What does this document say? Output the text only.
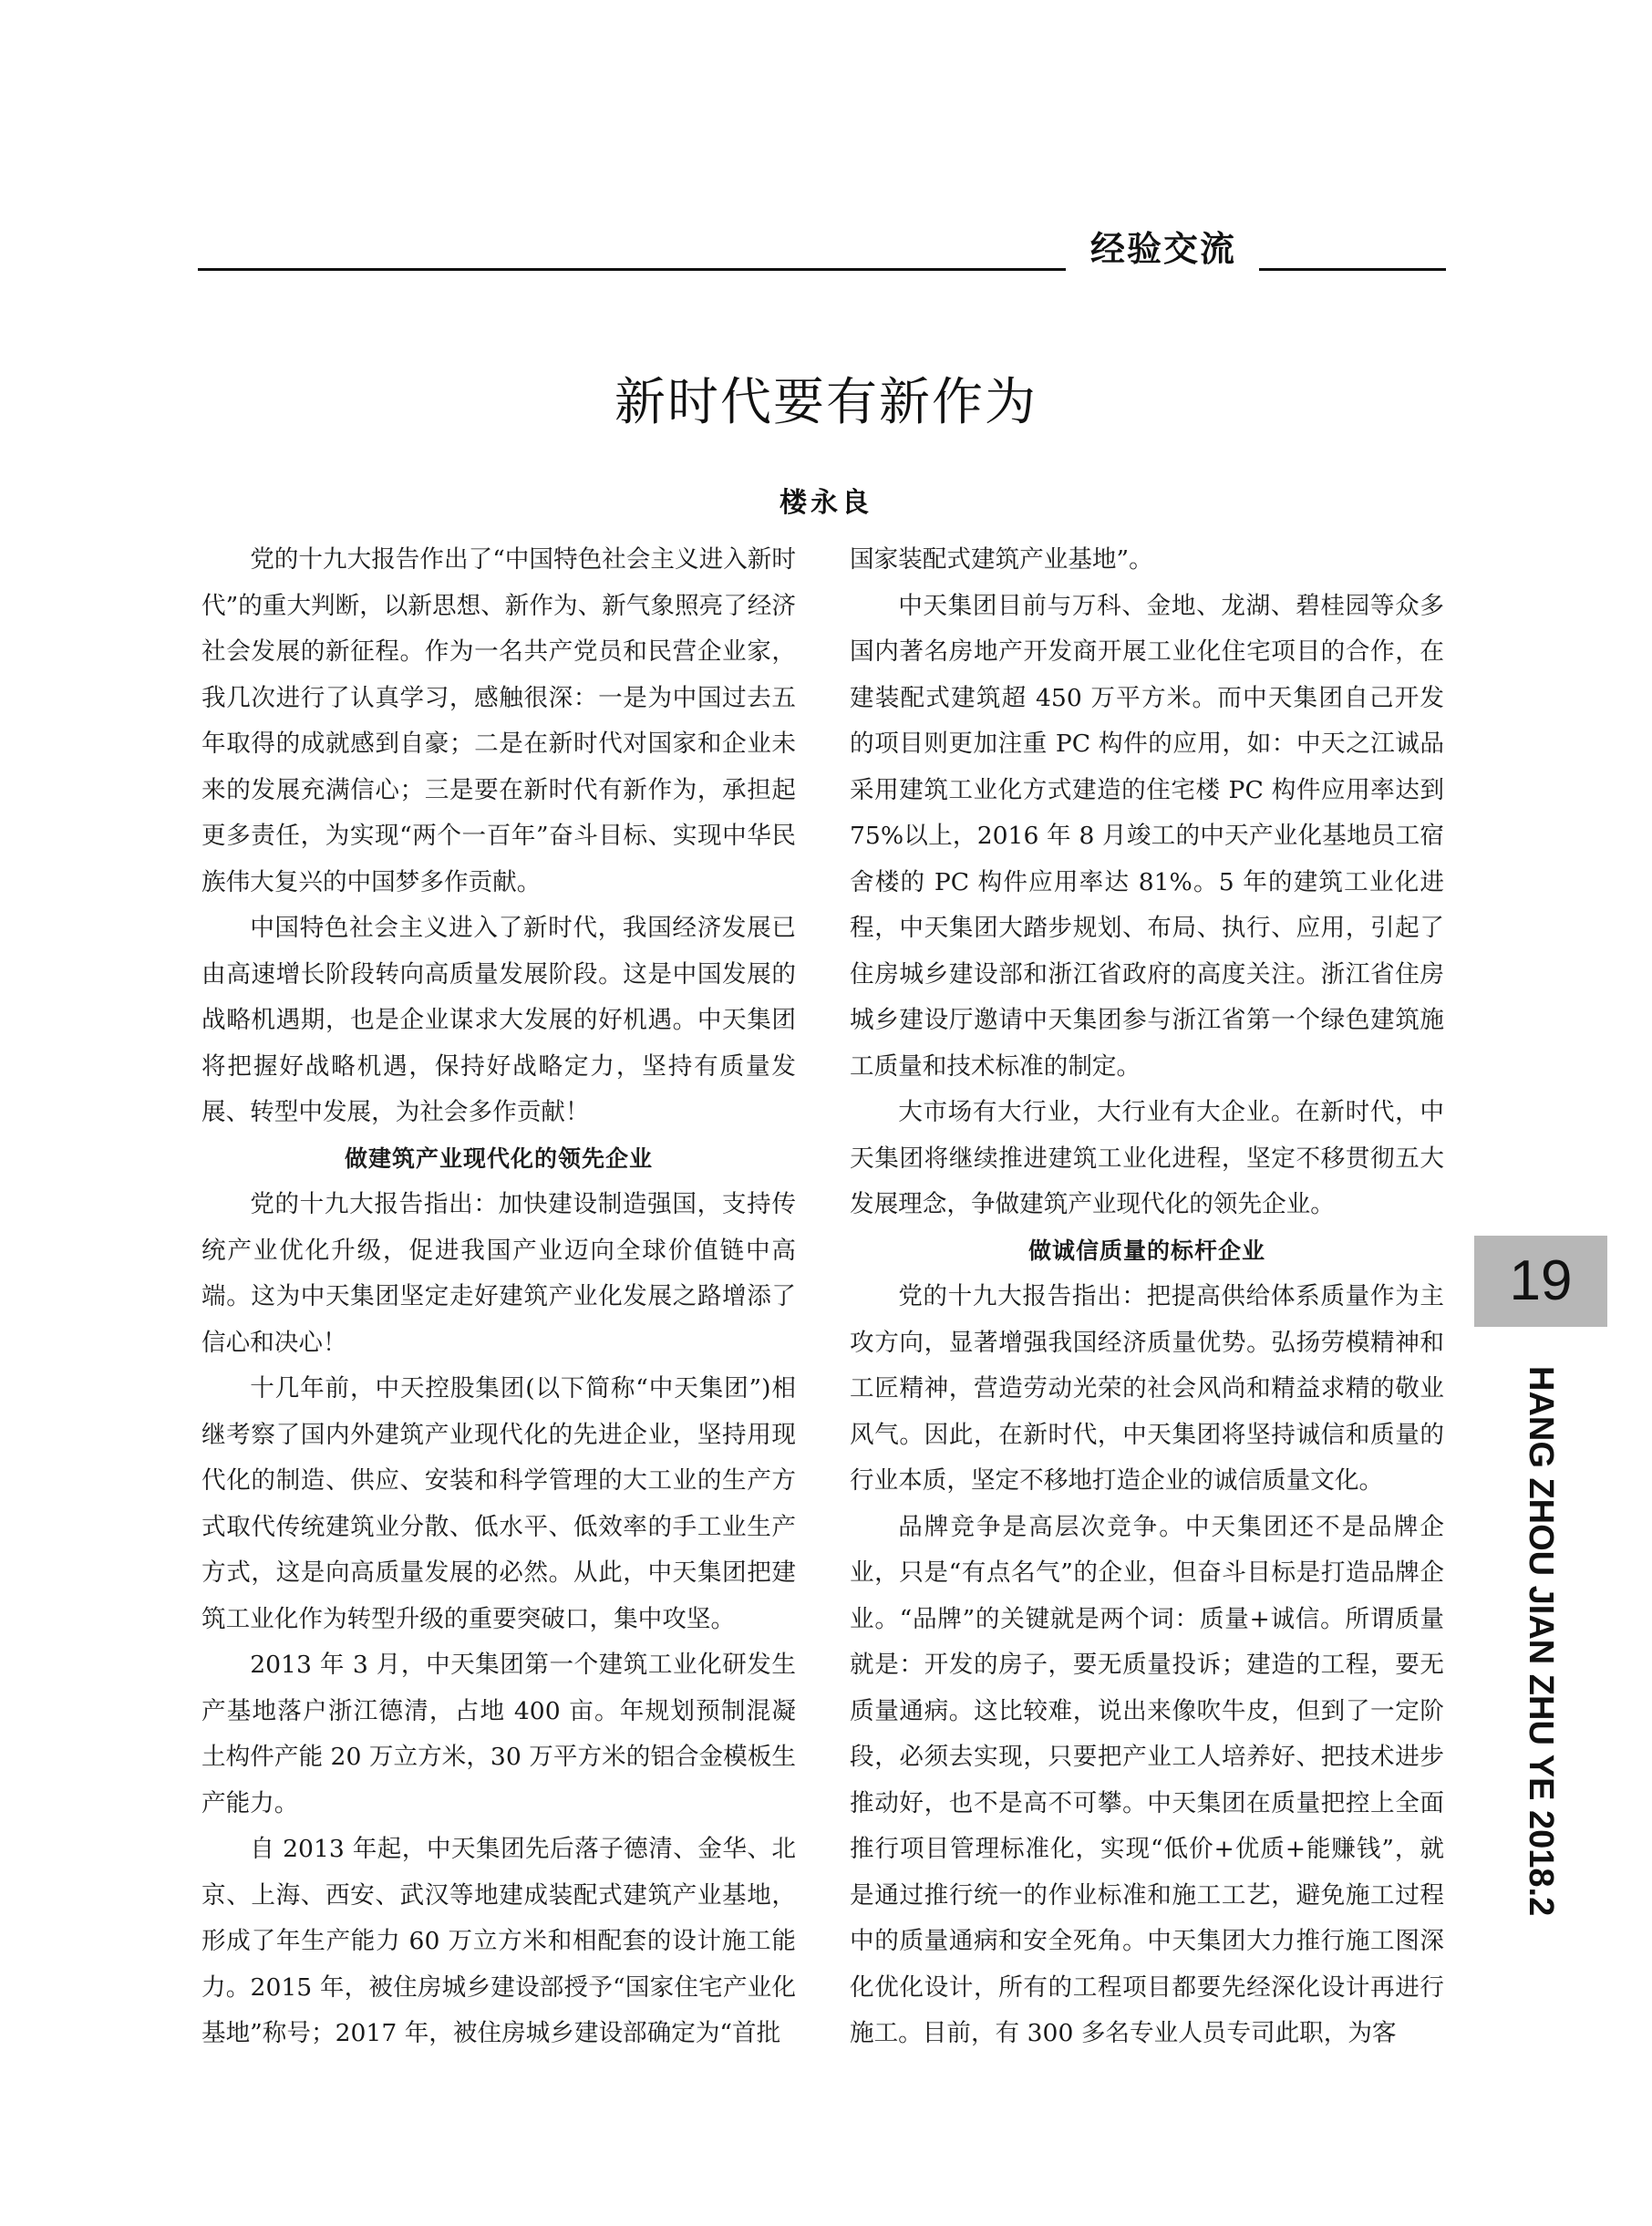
经验交流
新时代要有新作为
楼永良

党的十九大报告作出了“中国特色社会主义进入新时代”的重大判断，以新思想、新作为、新气象照亮了经济社会发展的新征程。作为一名共产党员和民营企业家，我几次进行了认真学习，感触很深：一是为中国过去五年取得的成就感到自豪；二是在新时代对国家和企业未来的发展充满信心；三是要在新时代有新作为，承担起更多责任，为实现“两个一百年”奋斗目标、实现中华民族伟大复兴的中国梦多作贡献。

中国特色社会主义进入了新时代，我国经济发展已由高速增长阶段转向高质量发展阶段。这是中国发展的战略机遇期，也是企业谋求大发展的好机遇。中天集团将把握好战略机遇，保持好战略定力，坚持有质量发展、转型中发展，为社会多作贡献！

做建筑产业现代化的领先企业

党的十九大报告指出：加快建设制造强国，支持传统产业优化升级，促进我国产业迈向全球价值链中高端。这为中天集团坚定走好建筑产业化发展之路增添了信心和决心！

十几年前，中天控股集团(以下简称“中天集团”)相继考察了国内外建筑产业现代化的先进企业，坚持用现代化的制造、供应、安装和科学管理的大工业的生产方式取代传统建筑业分散、低水平、低效率的手工业生产方式，这是向高质量发展的必然。从此，中天集团把建筑工业化作为转型升级的重要突破口，集中攻坚。

2013 年 3 月，中天集团第一个建筑工业化研发生产基地落户浙江德清，占地 400 亩。年规划预制混凝土构件产能 20 万立方米，30 万平方米的铝合金模板生产能力。

自 2013 年起，中天集团先后落子德清、金华、北京、上海、西安、武汉等地建成装配式建筑产业基地，形成了年生产能力 60 万立方米和相配套的设计施工能力。2015 年，被住房城乡建设部授予“国家住宅产业化基地”称号；2017 年，被住房城乡建设部确定为“首批

国家装配式建筑产业基地”。

中天集团目前与万科、金地、龙湖、碧桂园等众多国内著名房地产开发商开展工业化住宅项目的合作，在建装配式建筑超 450 万平方米。而中天集团自己开发的项目则更加注重 PC 构件的应用，如：中天之江诚品采用建筑工业化方式建造的住宅楼 PC 构件应用率达到 75%以上，2016 年 8 月竣工的中天产业化基地员工宿舍楼的 PC 构件应用率达 81%。5 年的建筑工业化进程，中天集团大踏步规划、布局、执行、应用，引起了住房城乡建设部和浙江省政府的高度关注。浙江省住房城乡建设厅邀请中天集团参与浙江省第一个绿色建筑施工质量和技术标准的制定。

大市场有大行业，大行业有大企业。在新时代，中天集团将继续推进建筑工业化进程，坚定不移贯彻五大发展理念，争做建筑产业现代化的领先企业。

做诚信质量的标杆企业

党的十九大报告指出：把提高供给体系质量作为主攻方向，显著增强我国经济质量优势。弘扬劳模精神和工匠精神，营造劳动光荣的社会风尚和精益求精的敬业风气。因此，在新时代，中天集团将坚持诚信和质量的行业本质，坚定不移地打造企业的诚信质量文化。

品牌竞争是高层次竞争。中天集团还不是品牌企业，只是“有点名气”的企业，但奋斗目标是打造品牌企业。“品牌”的关键就是两个词：质量+诚信。所谓质量就是：开发的房子，要无质量投诉；建造的工程，要无质量通病。这比较难，说出来像吹牛皮，但到了一定阶段，必须去实现，只要把产业工人培养好、把技术进步推动好，也不是高不可攀。中天集团在质量把控上全面推行项目管理标准化，实现“低价+优质+能赚钱”，就是通过推行统一的作业标准和施工工艺，避免施工过程中的质量通病和安全死角。中天集团大力推行施工图深化优化设计，所有的工程项目都要先经深化设计再进行施工。目前，有 300 多名专业人员专司此职，为客

19
HANG ZHOU JIAN ZHU YE 2018.2
